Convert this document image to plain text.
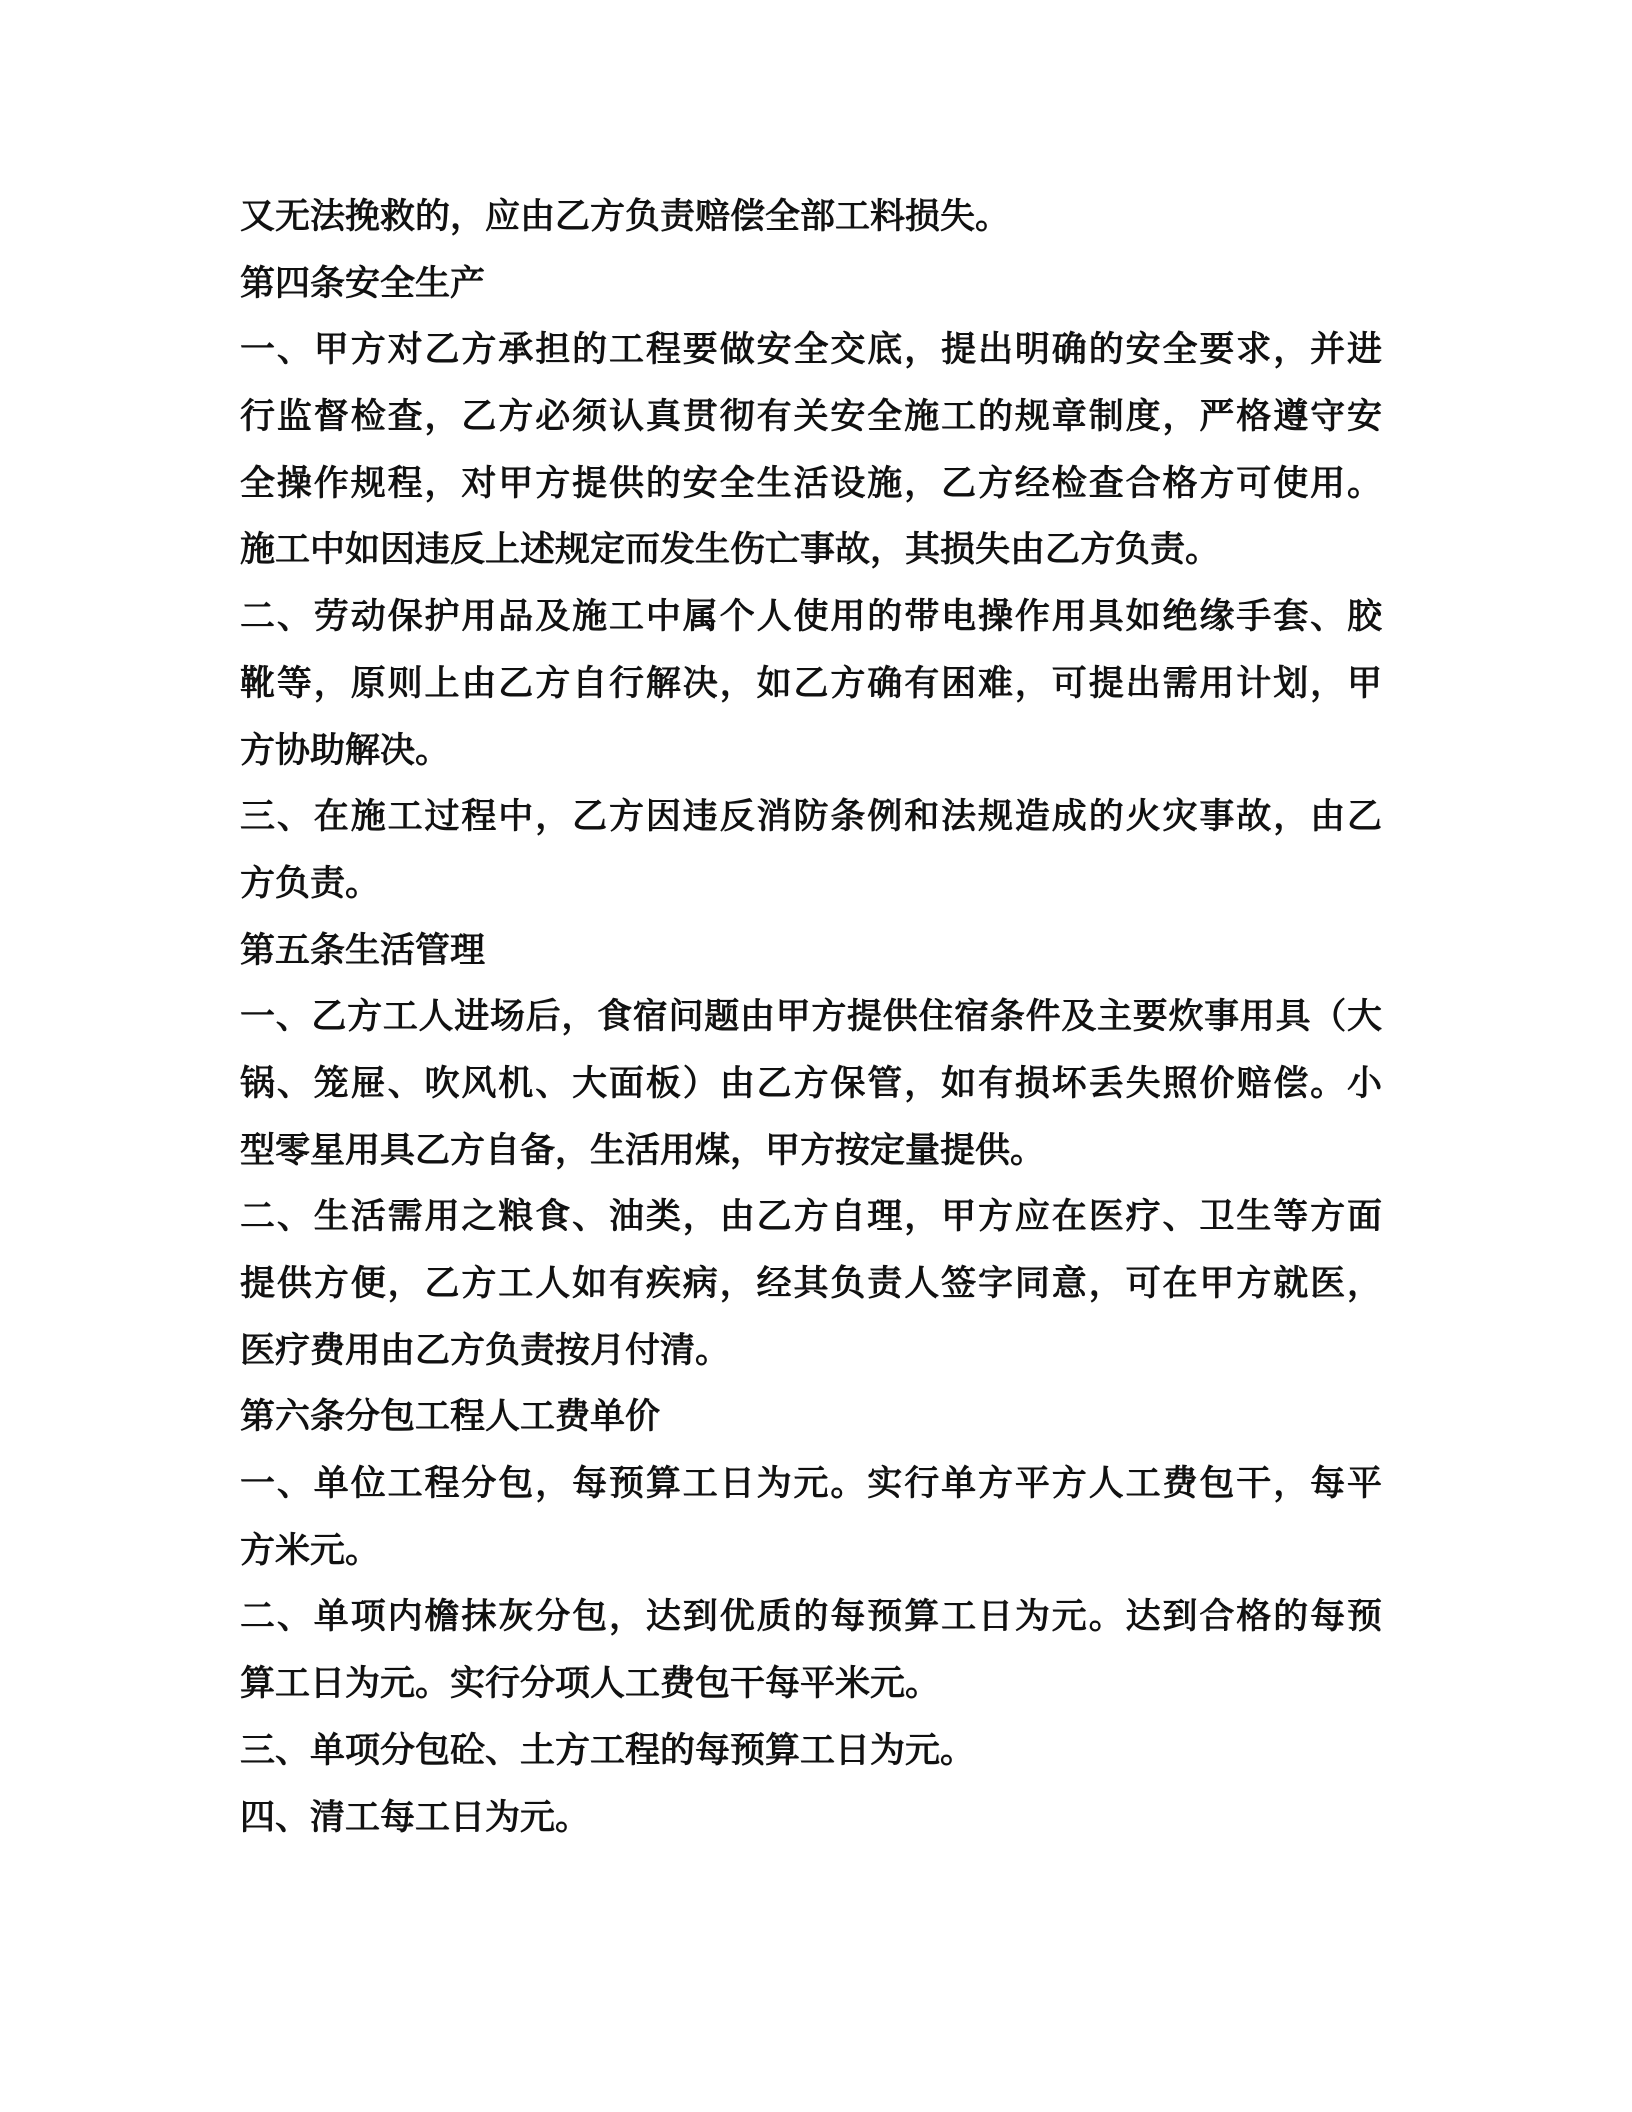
又无法挽救的，应由乙方负责赔偿全部工料损失。
第四条安全生产
一、甲方对乙方承担的工程要做安全交底，提出明确的安全要求，并进
行监督检查，乙方必须认真贯彻有关安全施工的规章制度，严格遵守安
全操作规程，对甲方提供的安全生活设施，乙方经检查合格方可使用。
施工中如因违反上述规定而发生伤亡事故，其损失由乙方负责。
二、劳动保护用品及施工中属个人使用的带电操作用具如绝缘手套、胶
靴等，原则上由乙方自行解决，如乙方确有困难，可提出需用计划，甲
方协助解决。
三、在施工过程中，乙方因违反消防条例和法规造成的火灾事故，由乙
方负责。
第五条生活管理
一、乙方工人进场后，食宿问题由甲方提供住宿条件及主要炊事用具（大
锅、笼屉、吹风机、大面板）由乙方保管，如有损坏丢失照价赔偿。小
型零星用具乙方自备，生活用煤，甲方按定量提供。
二、生活需用之粮食、油类，由乙方自理，甲方应在医疗、卫生等方面
提供方便，乙方工人如有疾病，经其负责人签字同意，可在甲方就医，
医疗费用由乙方负责按月付清。
第六条分包工程人工费单价
一、单位工程分包，每预算工日为元。实行单方平方人工费包干，每平
方米元。
二、单项内檐抹灰分包，达到优质的每预算工日为元。达到合格的每预
算工日为元。实行分项人工费包干每平米元。
三、单项分包砼、土方工程的每预算工日为元。
四、清工每工日为元。
